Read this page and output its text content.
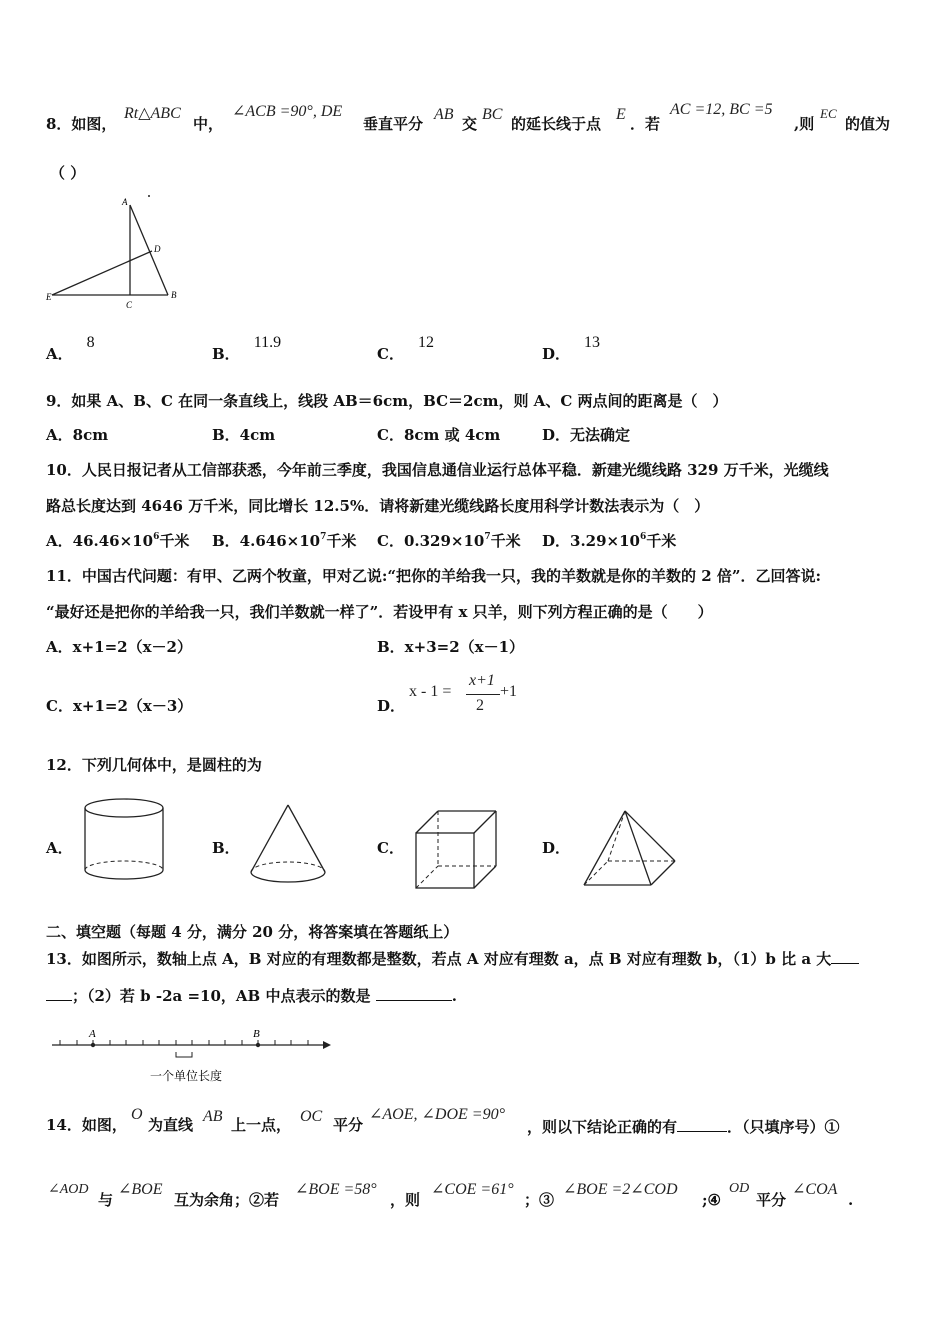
8．如图，
Rt△ABC
中，
∠ACB =90°, DE
垂直平分
AB
交
BC
的延长线于点
E
．若
AC =12, BC =5
,则
EC
的值为
（ ）
A
B
C
D
E
A．8
B．11.9
C．12
D．13
9．如果 A、B、C 在同一条直线上，线段 AB＝6cm，BC＝2cm，则 A、C 两点间的距离是（　）
A．8cm	B．4cm	C．8cm 或 4cm	D．无法确定
10．人民日报记者从工信部获悉，今年前三季度，我国信息通信业运行总体平稳．新建光缆线路 329 万千米，光缆线
路总长度达到 4646 万千米，同比增长 12.5%．请将新建光缆线路长度用科学计数法表示为（　）
A．$46.46\times 10^6$千米 B．$4.646\times 10^7$千米 C．$0.329\times 10^7$千米 D．$3.29\times 10^6$千米
11．中国古代问题：有甲、乙两个牧童，甲对乙说:“把你的羊给我一只，我的羊数就是你的羊数的 2 倍”．乙回答说:
“最好还是把你的羊给我一只，我们羊数就一样了”．若设甲有 x 只羊，则下列方程正确的是（　　）
A．x+1=2（x－2）	B．x+3=2（x－1）
C．x+1=2（x－3）	D．
x - 1 =
x+1
2
+1
12．下列几何体中，是圆柱的为
A．	B．	C．	D．
二、填空题（每题 4 分，满分 20 分，将答案填在答题纸上）
13．如图所示，数轴上点 A，B 对应的有理数都是整数，若点 A 对应有理数 a，点 B 对应有理数 b，（1）b 比 a 大
；（2）若 b -2a =10，AB 中点表示的数是	.
A	B
一个单位长度
14．如图，
O
为直线 AB 上一点， OC 平分
∠AOE, ∠DOE =90°
，则以下结论正确的有	．（只填序号）①
∠AOD
与
∠BOE
互为余角；②若
∠BOE =58°
，则
∠COE =61°
；③
∠BOE =2∠COD
;④
OD
平分
∠COA
.
